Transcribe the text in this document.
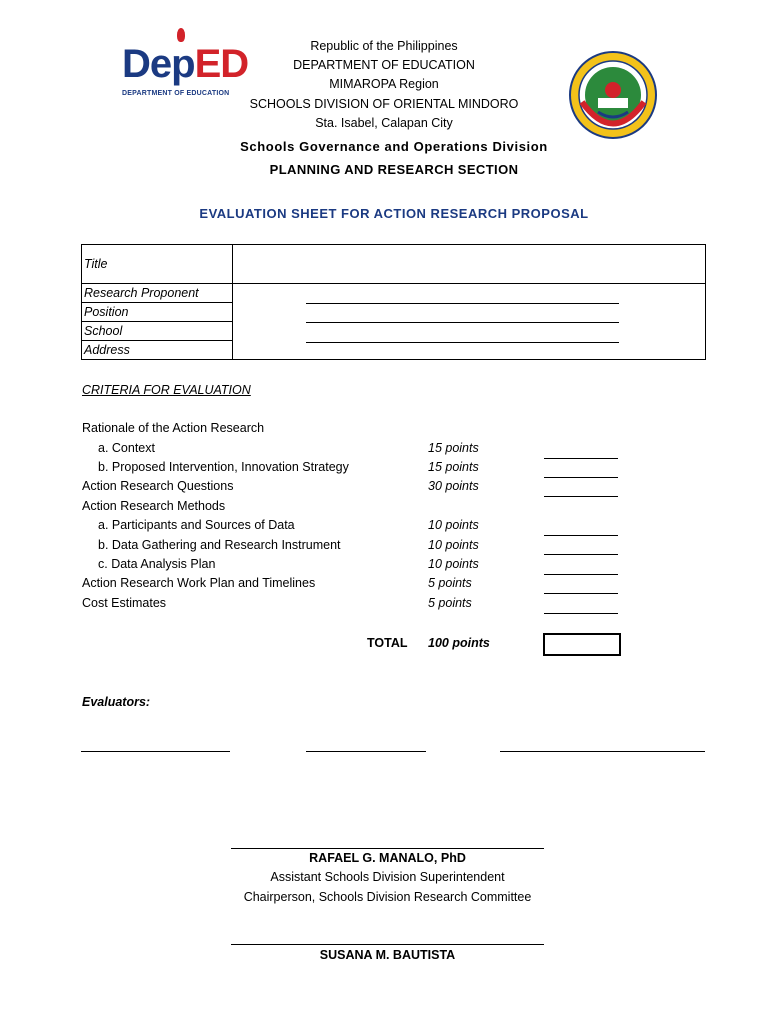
Dep
ED
DEPARTMENT OF EDUCATION
Republic of the Philippines
DEPARTMENT OF EDUCATION
MIMAROPA Region
SCHOOLS DIVISION OF ORIENTAL MINDORO
Sta. Isabel, Calapan City
Schools Governance and Operations Division
PLANNING AND RESEARCH SECTION
EVALUATION SHEET FOR ACTION RESEARCH PROPOSAL
Title	
Research Proponent	
Position	
School	
Address	
CRITERIA FOR EVALUATION
Rationale of the Action Research
a. Context	15 points
b. Proposed Intervention, Innovation Strategy	15 points
Action Research Questions	30 points
Action Research Methods
a. Participants and Sources of Data	10 points
b. Data Gathering and Research Instrument	10 points
c. Data Analysis Plan	10 points
Action Research Work Plan and Timelines	5 points
Cost Estimates	5 points
TOTAL 100 points
Evaluators:
RAFAEL G. MANALO, PhD
Assistant Schools Division Superintendent
Chairperson, Schools Division Research Committee
SUSANA M. BAUTISTA
